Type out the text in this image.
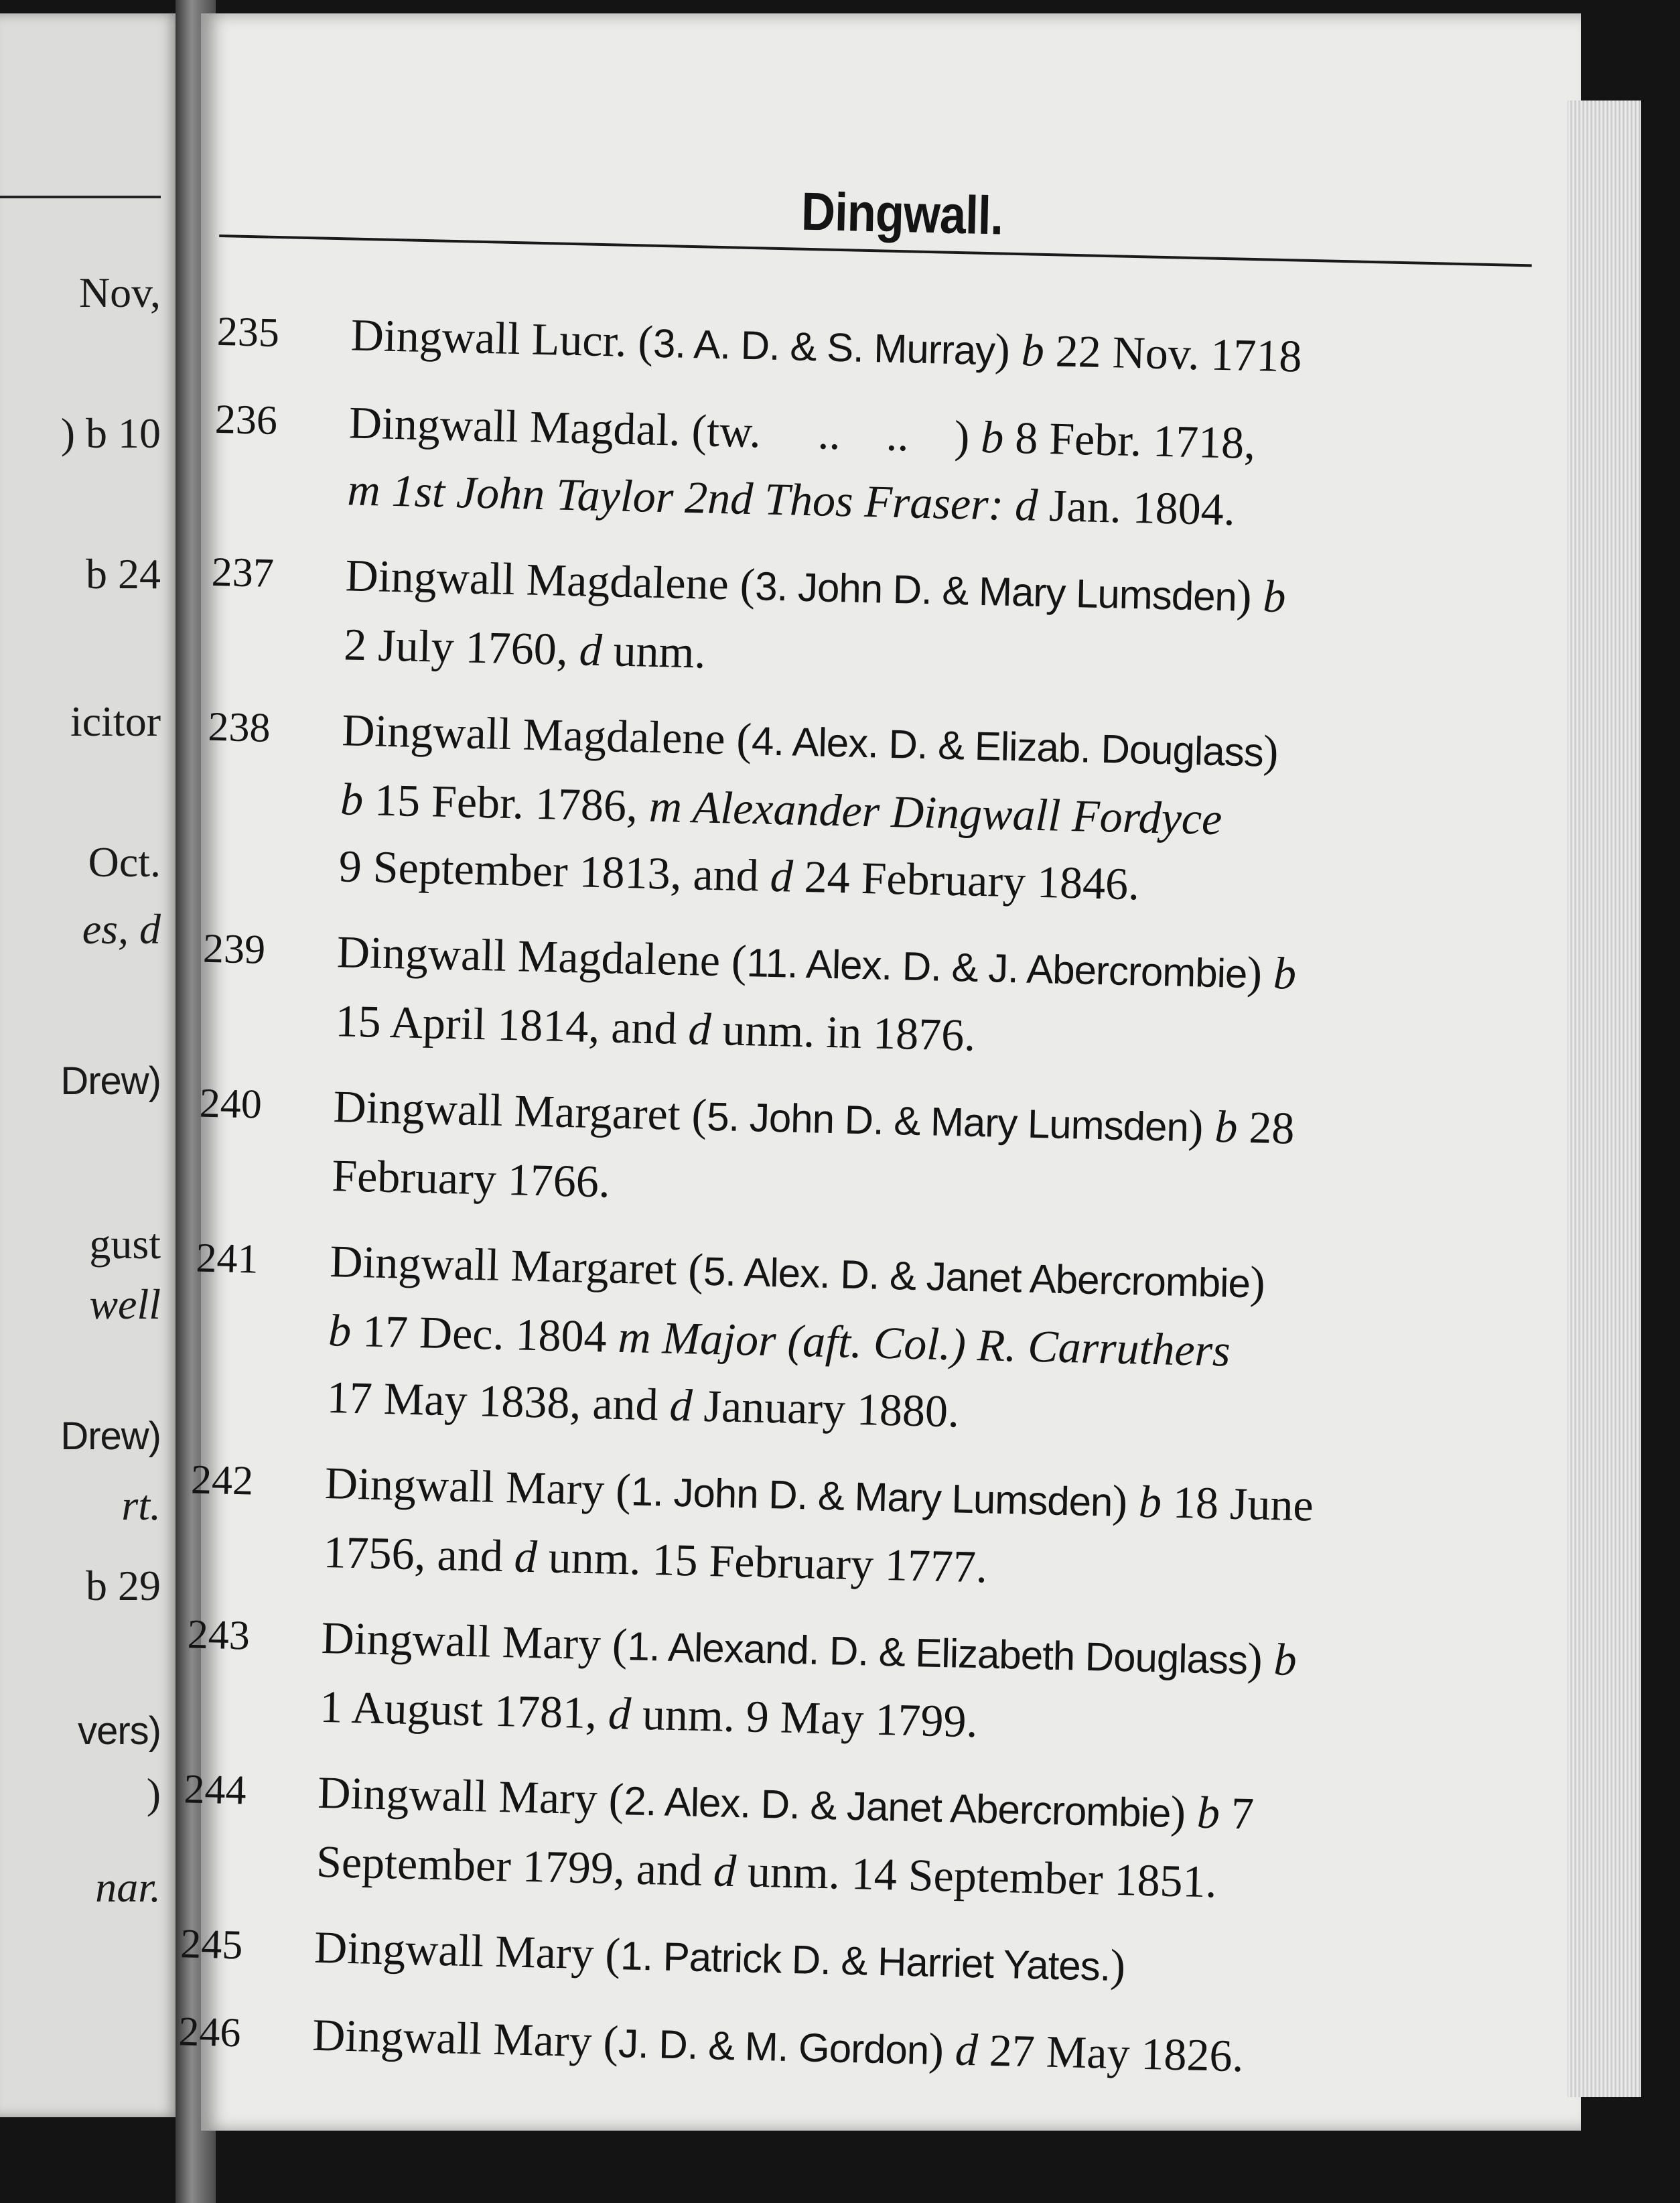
Nov,
) b 10
b 24
icitor
Oct.
es, d
Drew)
gust
well
Drew)
rt.
b 29
vers)
)
nar.
Dingwall.
235	Dingwall Lucr. (3. A. D. & S. Murray) b 22 Nov. 1718
236	Dingwall Magdal. (tw.     ..    ..    ) b 8 Febr. 1718,
m 1st John Taylor 2nd Thos Fraser: d Jan. 1804.
237	Dingwall Magdalene (3. John D. & Mary Lumsden) b
2 July 1760, d unm.
238	Dingwall Magdalene (4. Alex. D. & Elizab. Douglass)
b 15 Febr. 1786, m Alexander Dingwall Fordyce
9 September 1813, and d 24 February 1846.
239	Dingwall Magdalene (11. Alex. D. & J. Abercrombie) b
15 April 1814, and d unm. in 1876.
240	Dingwall Margaret (5. John D. & Mary Lumsden) b 28
February 1766.
241	Dingwall Margaret (5. Alex. D. & Janet Abercrombie)
b 17 Dec. 1804 m Major (aft. Col.) R. Carruthers
17 May 1838, and d January 1880.
242	Dingwall Mary (1. John D. & Mary Lumsden) b 18 June
1756, and d unm. 15 February 1777.
243	Dingwall Mary (1. Alexand. D. & Elizabeth Douglass) b
1 August 1781, d unm. 9 May 1799.
244	Dingwall Mary (2. Alex. D. & Janet Abercrombie) b 7
September 1799, and d unm. 14 September 1851.
245	Dingwall Mary (1. Patrick D. & Harriet Yates.)
246	Dingwall Mary (J. D. & M. Gordon) d 27 May 1826.
